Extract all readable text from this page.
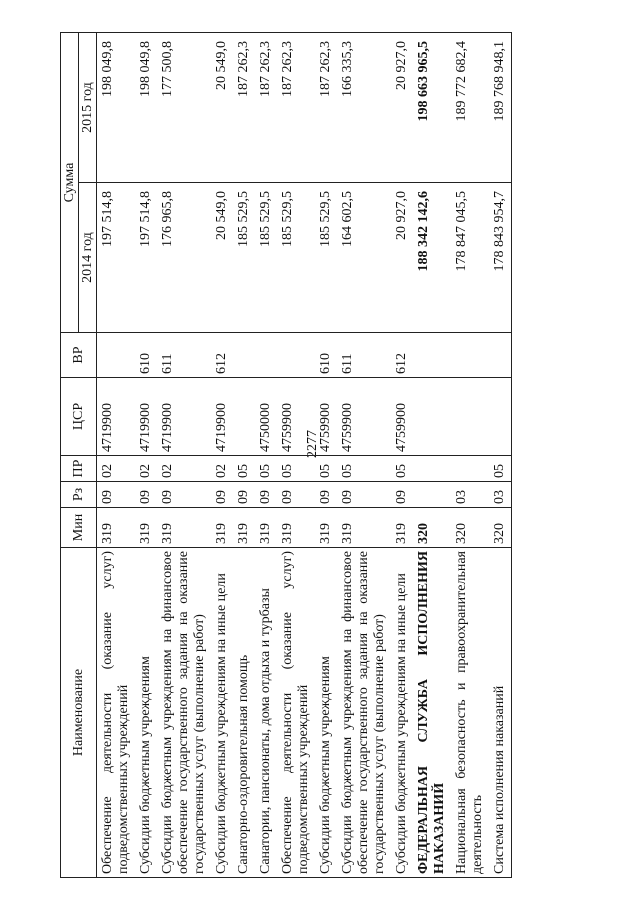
2277
Наименование	Мин	Рз	ПР	ЦСР	ВР	Сумма	
						2014 год	2015 год
Обеспечение деятельности (оказание услуг) подведомственных учреждений	319	09	02	4719900		197 514,8	198 049,8
Субсидии бюджетным учреждениям	319	09	02	4719900	610	197 514,8	198 049,8
Субсидии бюджетным учреждениям на финансовое обеспечение государственного задания на оказание государственных услуг (выполнение работ)	319	09	02	4719900	611	176 965,8	177 500,8
Субсидии бюджетным учреждениям на иные цели	319	09	02	4719900	612	20 549,0	20 549,0
Санаторно-оздоровительная помощь	319	09	05			185 529,5	187 262,3
Санатории, пансионаты, дома отдыха и турбазы	319	09	05	4750000		185 529,5	187 262,3
Обеспечение деятельности (оказание услуг) подведомственных учреждений	319	09	05	4759900		185 529,5	187 262,3
Субсидии бюджетным учреждениям	319	09	05	4759900	610	185 529,5	187 262,3
Субсидии бюджетным учреждениям на финансовое обеспечение государственного задания на оказание государственных услуг (выполнение работ)	319	09	05	4759900	611	164 602,5	166 335,3
Субсидии бюджетным учреждениям на иные цели	319	09	05	4759900	612	20 927,0	20 927,0
ФЕДЕРАЛЬНАЯ СЛУЖБА ИСПОЛНЕНИЯ НАКАЗАНИЙ	320					188 342 142,6	198 663 965,5
Национальная безопасность и правоохранительная деятельность	320	03				178 847 045,5	189 772 682,4
Система исполнения наказаний	320	03	05			178 843 954,7	189 768 948,1
